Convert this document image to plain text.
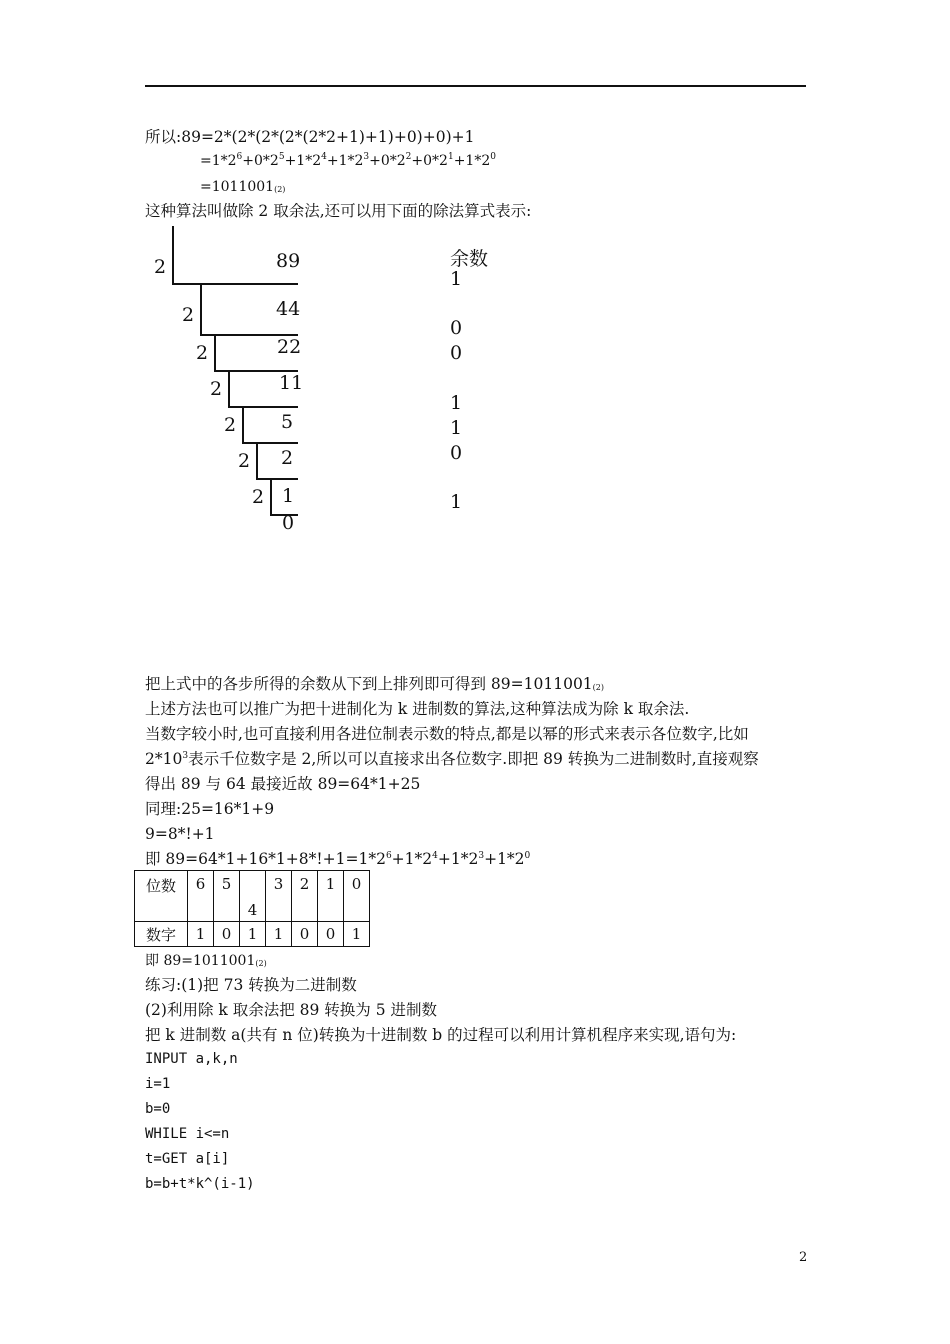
所以:89=2*(2*(2*(2*(2*2+1)+1)+0)+0)+1
$=1*2^6+0*2^5+1*2^4+1*2^3+0*2^2+0*2^1+1*2^0$
=1011001(2)
这种算法叫做除 2 取余法,还可以用下面的除法算式表示:
2
2
2
2
2
2
2
89
44
22
11
5
2
1
0
余数
1
0
0
1
1
0
1
把上式中的各步所得的余数从下到上排列即可得到 89=1011001(2)
上述方法也可以推广为把十进制化为 k 进制数的算法,这种算法成为除 k 取余法.
当数字较小时,也可直接利用各进位制表示数的特点,都是以幂的形式来表示各位数字,比如
$2*10^3$表示千位数字是 2,所以可以直接求出各位数字.即把 89 转换为二进制数时,直接观察
得出 89 与 64 最接近故 89=64*1+25
同理:25=16*1+9
9=8*!+1
即 $89=64*1+16*1+8*!+1=1*2^6+1*2^4+1*2^3+1*2^0$
位数	6	5	4	3	2	1	0
数字	1	0	1	1	0	0	1
即 89=1011001(2)
练习:(1)把 73 转换为二进制数
(2)利用除 k 取余法把 89 转换为 5 进制数
把 k 进制数 a(共有 n 位)转换为十进制数 b 的过程可以利用计算机程序来实现,语句为:
INPUT a,k,n
i=1
b=0
WHILE i<=n
t=GET a[i]
b=b+t*k^(i-1)
2
